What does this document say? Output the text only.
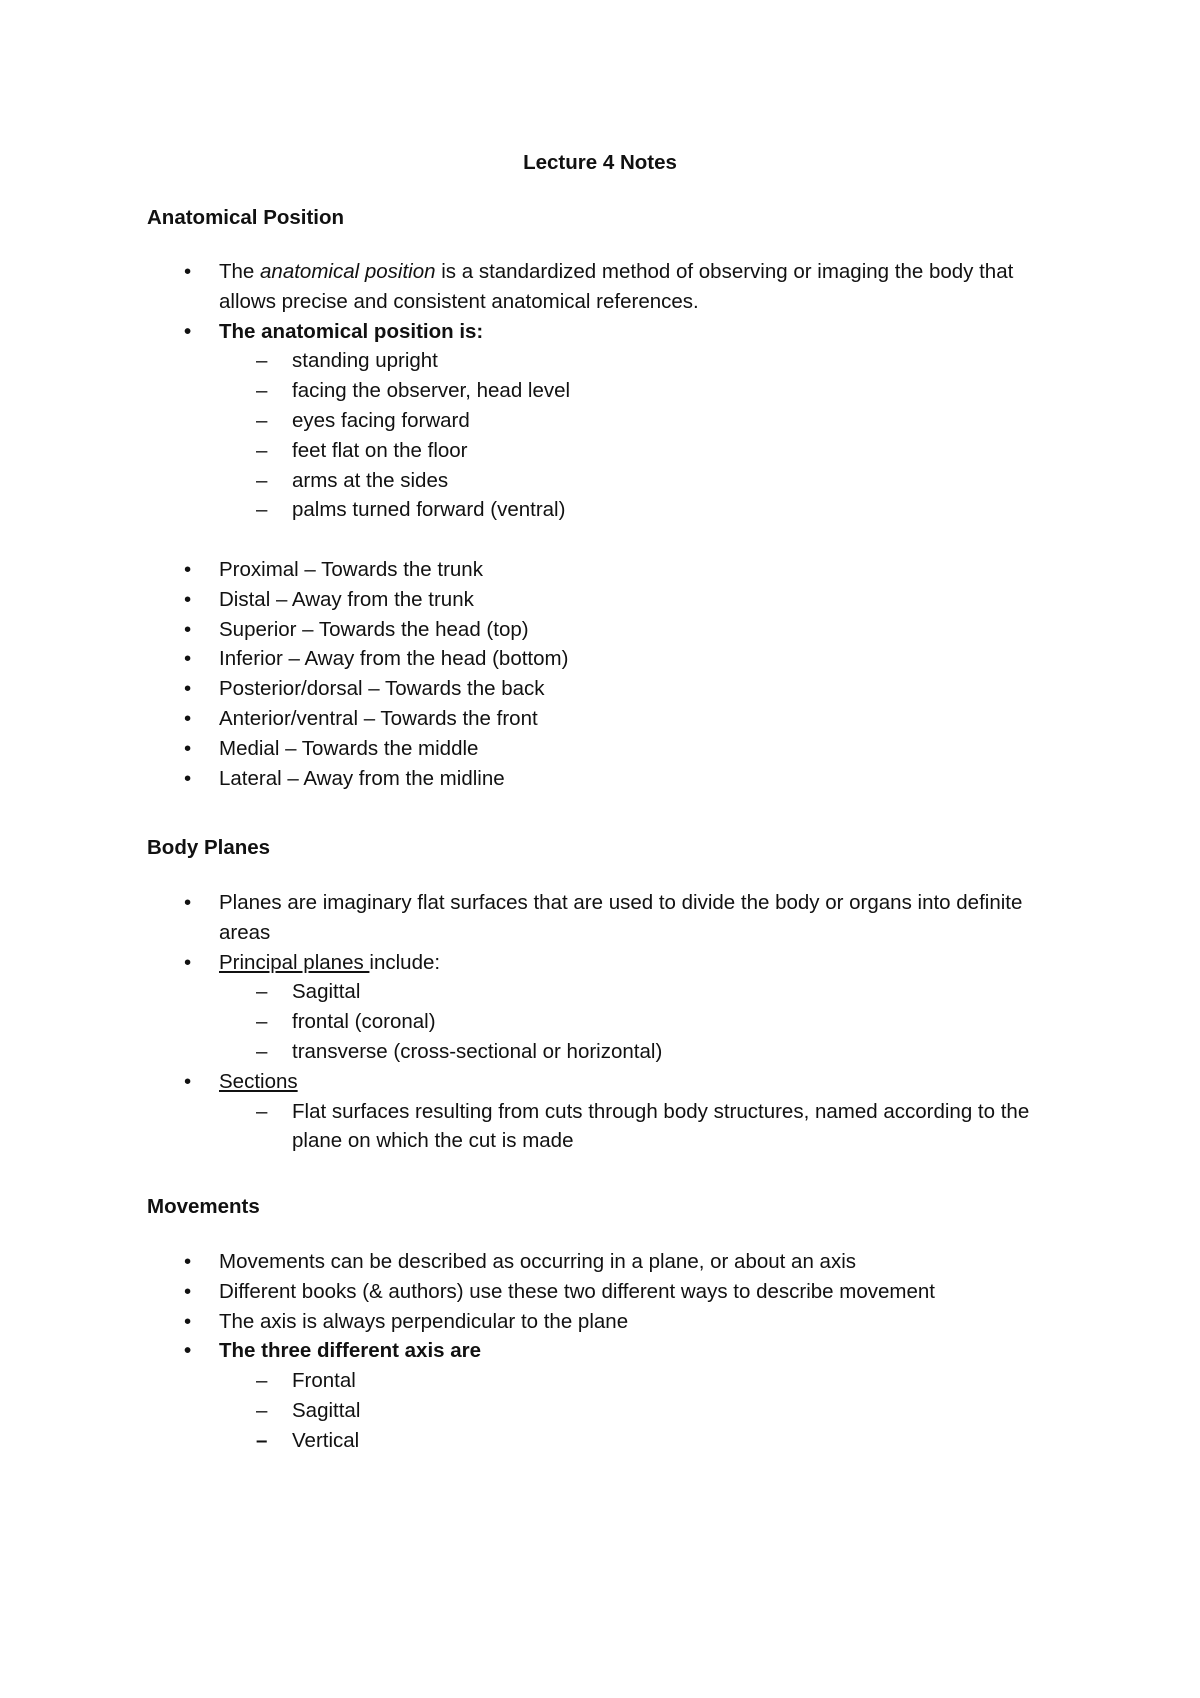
Lecture 4 Notes
Anatomical Position
• The anatomical position is a standardized method of observing or imaging the body that allows precise and consistent anatomical references.
• The anatomical position is:
– standing upright
– facing the observer, head level
– eyes facing forward
– feet flat on the floor
– arms at the sides
– palms turned forward (ventral)
• Proximal – Towards the trunk
• Distal – Away from the trunk
• Superior – Towards the head (top)
• Inferior – Away from the head (bottom)
• Posterior/dorsal – Towards the back
• Anterior/ventral – Towards the front
• Medial – Towards the middle
• Lateral – Away from the midline
Body Planes
• Planes are imaginary flat surfaces that are used to divide the body or organs into definite areas
• Principal planes include:
– Sagittal
– frontal (coronal)
– transverse (cross-sectional or horizontal)
• Sections
– Flat surfaces resulting from cuts through body structures, named according to the plane on which the cut is made
Movements
• Movements can be described as occurring in a plane, or about an axis
• Different books (& authors) use these two different ways to describe movement
• The axis is always perpendicular to the plane
• The three different axis are
– Frontal
– Sagittal
– Vertical
